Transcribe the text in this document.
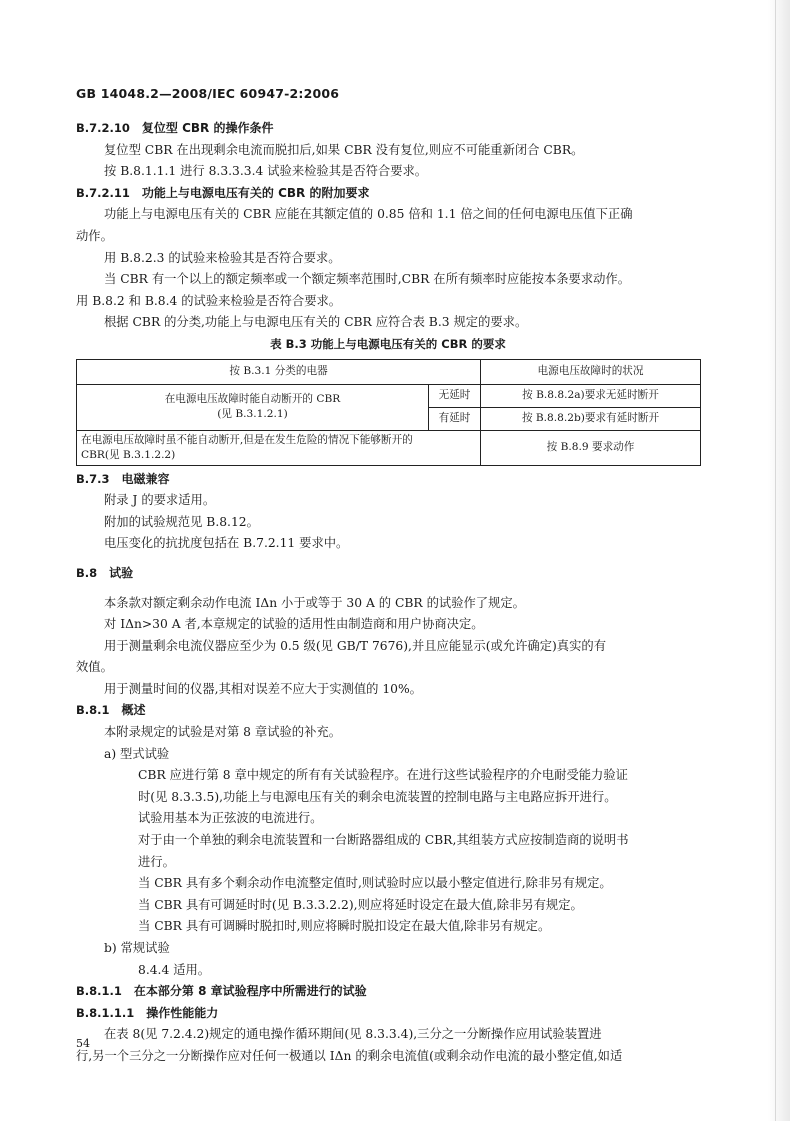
GB 14048.2—2008/IEC 60947-2:2006
B.7.2.10 复位型 CBR 的操作条件
复位型 CBR 在出现剩余电流而脱扣后,如果 CBR 没有复位,则应不可能重新闭合 CBR。
按 B.8.1.1.1 进行 8.3.3.3.4 试验来检验其是否符合要求。
B.7.2.11 功能上与电源电压有关的 CBR 的附加要求
功能上与电源电压有关的 CBR 应能在其额定值的 0.85 倍和 1.1 倍之间的任何电源电压值下正确
动作。
用 B.8.2.3 的试验来检验其是否符合要求。
当 CBR 有一个以上的额定频率或一个额定频率范围时,CBR 在所有频率时应能按本条要求动作。
用 B.8.2 和 B.8.4 的试验来检验是否符合要求。
根据 CBR 的分类,功能上与电源电压有关的 CBR 应符合表 B.3 规定的要求。
表 B.3 功能上与电源电压有关的 CBR 的要求
按 B.3.1 分类的电器		电源电压故障时的状况

在电源电压故障时能自动断开的 CBR
(见 B.3.1.2.1)	无延时	按 B.8.8.2a)要求无延时断开
	有延时	按 B.8.8.2b)要求有延时断开

在电源电压故障时虽不能自动断开,但是在发生危险的情况下能够断开的
CBR(见 B.3.1.2.2)		按 B.8.9 要求动作
B.7.3 电磁兼容
附录 J 的要求适用。
附加的试验规范见 B.8.12。
电压变化的抗扰度包括在 B.7.2.11 要求中。
B.8 试验
本条款对额定剩余动作电流 IΔn 小于或等于 30 A 的 CBR 的试验作了规定。
对 IΔn>30 A 者,本章规定的试验的适用性由制造商和用户协商决定。
用于测量剩余电流仪器应至少为 0.5 级(见 GB/T 7676),并且应能显示(或允许确定)真实的有
效值。
用于测量时间的仪器,其相对误差不应大于实测值的 10%。
B.8.1 概述
本附录规定的试验是对第 8 章试验的补充。
a) 型式试验
CBR 应进行第 8 章中规定的所有有关试验程序。在进行这些试验程序的介电耐受能力验证
时(见 8.3.3.5),功能上与电源电压有关的剩余电流装置的控制电路与主电路应拆开进行。
试验用基本为正弦波的电流进行。
对于由一个单独的剩余电流装置和一台断路器组成的 CBR,其组装方式应按制造商的说明书
进行。
当 CBR 具有多个剩余动作电流整定值时,则试验时应以最小整定值进行,除非另有规定。
当 CBR 具有可调延时时(见 B.3.3.2.2),则应将延时设定在最大值,除非另有规定。
当 CBR 具有可调瞬时脱扣时,则应将瞬时脱扣设定在最大值,除非另有规定。
b) 常规试验
8.4.4 适用。
B.8.1.1 在本部分第 8 章试验程序中所需进行的试验
B.8.1.1.1 操作性能能力
在表 8(见 7.2.4.2)规定的通电操作循环期间(见 8.3.3.4),三分之一分断操作应用试验装置进
行,另一个三分之一分断操作应对任何一极通以 IΔn 的剩余电流值(或剩余动作电流的最小整定值,如适
54
